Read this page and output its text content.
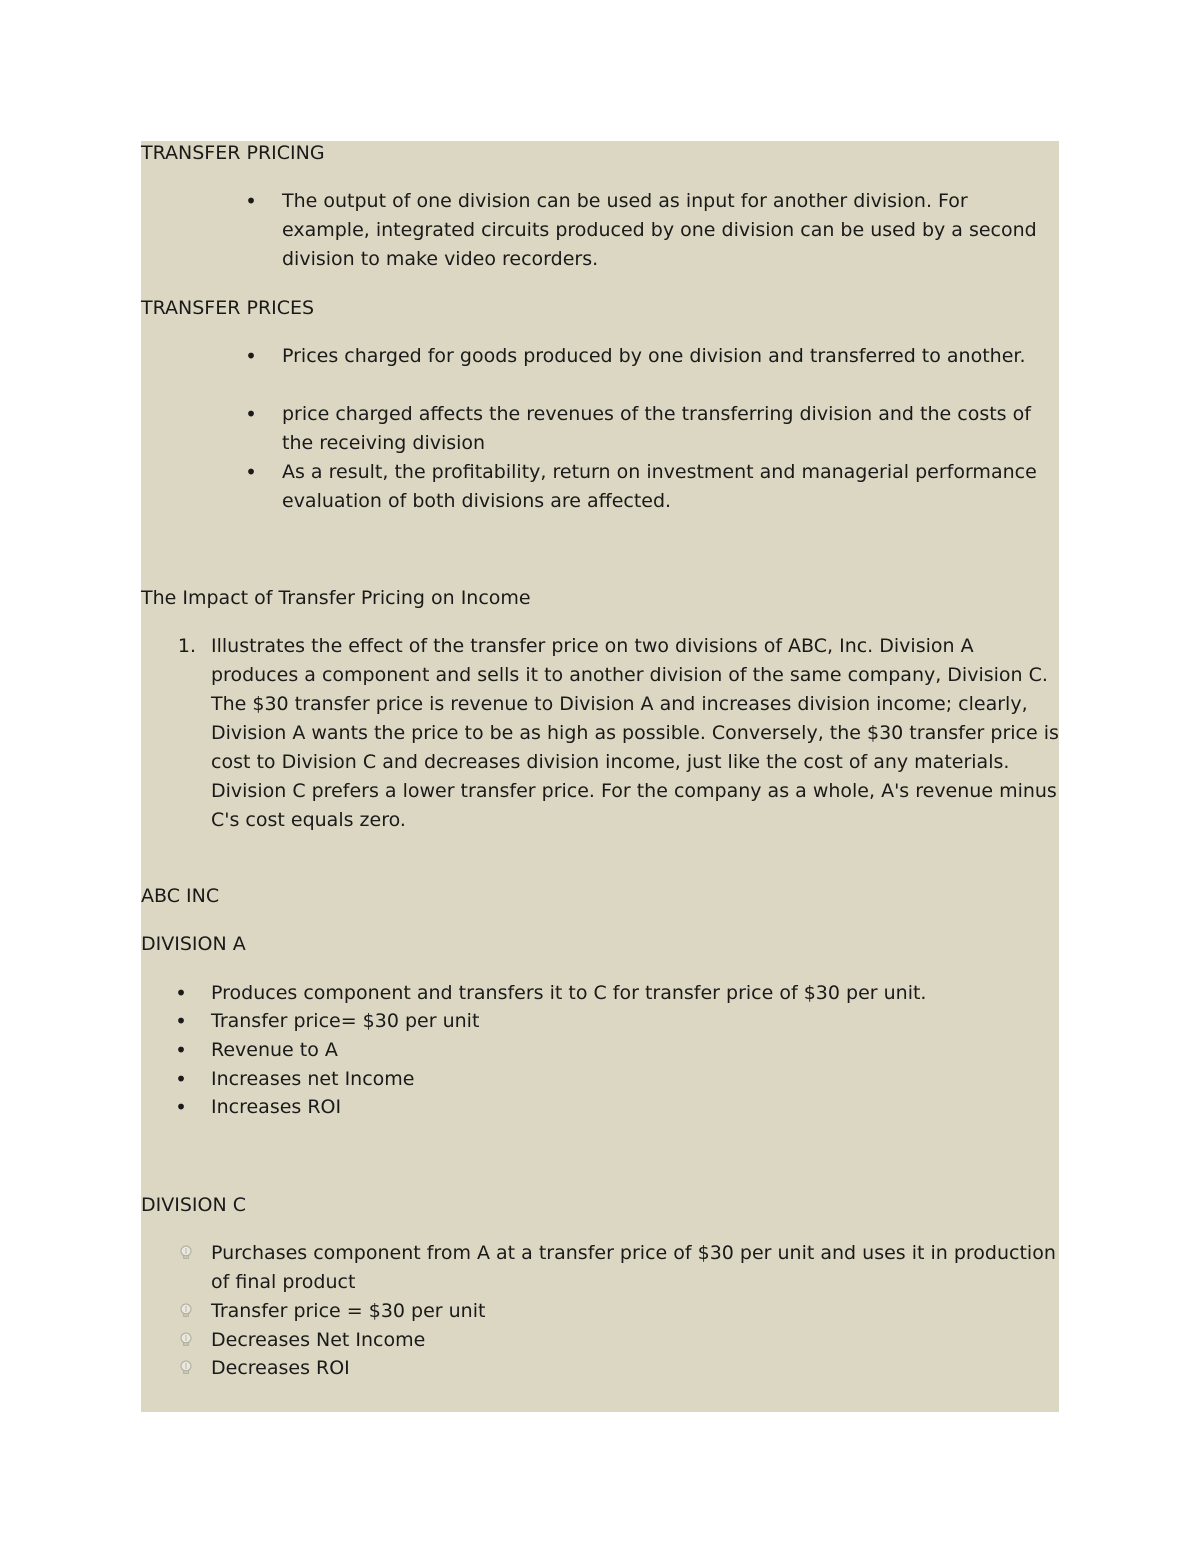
TRANSFER PRICING
•
The output of one division can be used as input for another division. For example, integrated circuits produced by one division can be used by a second division to make video recorders.
TRANSFER PRICES
•
Prices charged for goods produced by one division and transferred to another.
•
price charged affects the revenues of the transferring division and the costs of the receiving division
•
As a result, the profitability, return on investment and managerial performance evaluation of both divisions are affected.
The Impact of Transfer Pricing on Income
1. Illustrates the effect of the transfer price on two divisions of ABC, Inc. Division A produces a component and sells it to another division of the same company, Division C. The $30 transfer price is revenue to Division A and increases division income; clearly, Division A wants the price to be as high as possible. Conversely, the $30 transfer price is cost to Division C and decreases division income, just like the cost of any materials. Division C prefers a lower transfer price. For the company as a whole, A's revenue minus C's cost equals zero.
ABC INC
DIVISION A
•
Produces component and transfers it to C for transfer price of $30 per unit.
•
Transfer price= $30 per unit
•
Revenue to A
•
Increases net Income
•
Increases ROI
DIVISION C
Purchases component from A at a transfer price of $30 per unit and uses it in production of final product
Transfer price = $30 per unit
Decreases Net Income
Decreases ROI
